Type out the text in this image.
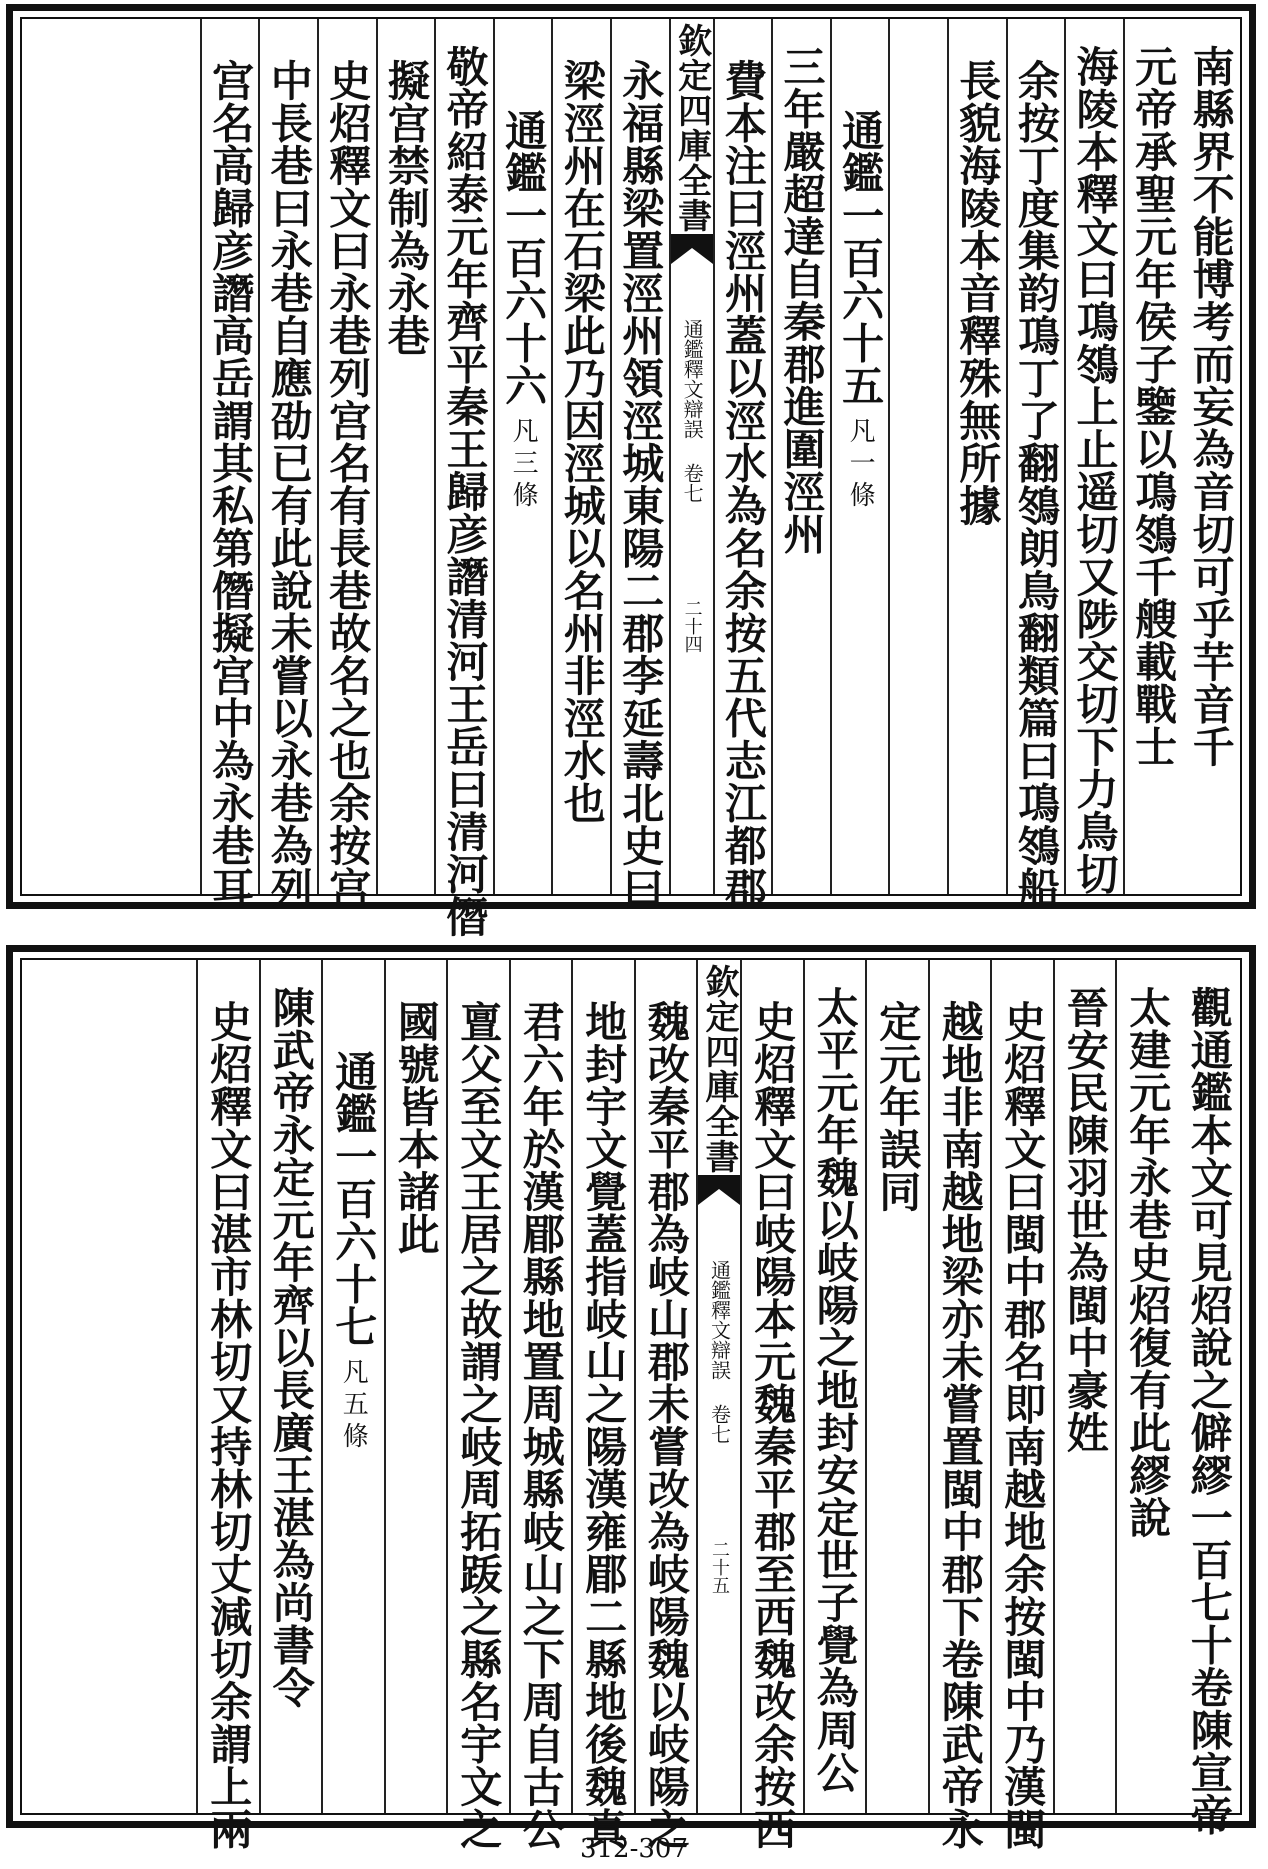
南縣界不能博考而妄為音切可乎芉音千
元帝承聖元年侯子鑒以䲨䳉千艘載戰士
海陵本釋文曰䲨䳉上止遥切又陟交切下力鳥切
余按丁度集韵䲨丁了翻䳉朗鳥翻類篇曰䲨䳉船
長貌海陵本音釋殊無所據
通鑑一百六十五凡一條
三年嚴超達自秦郡進圍涇州
費本注曰涇州蓋以涇水為名余按五代志江都郡
欽定四庫全書
通鑑釋文辯誤 卷七
二十四
永福縣梁置涇州領涇城東陽二郡李延壽北史曰
梁涇州在石梁此乃因涇城以名州非涇水也
通鑑一百六十六凡三條
敬帝紹泰元年齊平秦王歸彦譖清河王岳曰清河僭
擬宫禁制為永巷
史炤釋文曰永巷列宫名有長巷故名之也余按宫
中長巷曰永巷自應劭已有此說未嘗以永巷為列
宫名高歸彦譖高岳謂其私第僭擬宫中為永巷耳
觀通鑑本文可見炤說之僻繆一百七十卷陳宣帝
太建元年永巷史炤復有此繆說
晉安民陳羽世為閩中豪姓
史炤釋文曰閩中郡名即南越地余按閩中乃漢閩
越地非南越地梁亦未嘗置閩中郡下卷陳武帝永
定元年誤同
太平元年魏以岐陽之地封安定世子覺為周公
史炤釋文曰岐陽本元魏秦平郡至西魏改余按西
欽定四庫全書
通鑑釋文辯誤 卷七
二十五
魏改秦平郡為岐山郡未嘗改為岐陽魏以岐陽之
地封宇文覺蓋指岐山之陽漢雍郿二縣地後魏真
君六年於漢郿縣地置周城縣岐山之下周自古公
亶父至文王居之故謂之岐周拓䟦之縣名宇文之
國號皆本諸此
通鑑一百六十七凡五條
陳武帝永定元年齊以長廣王湛為尚書令
史炤釋文曰湛市林切又持林切丈減切余謂上兩	312-307
